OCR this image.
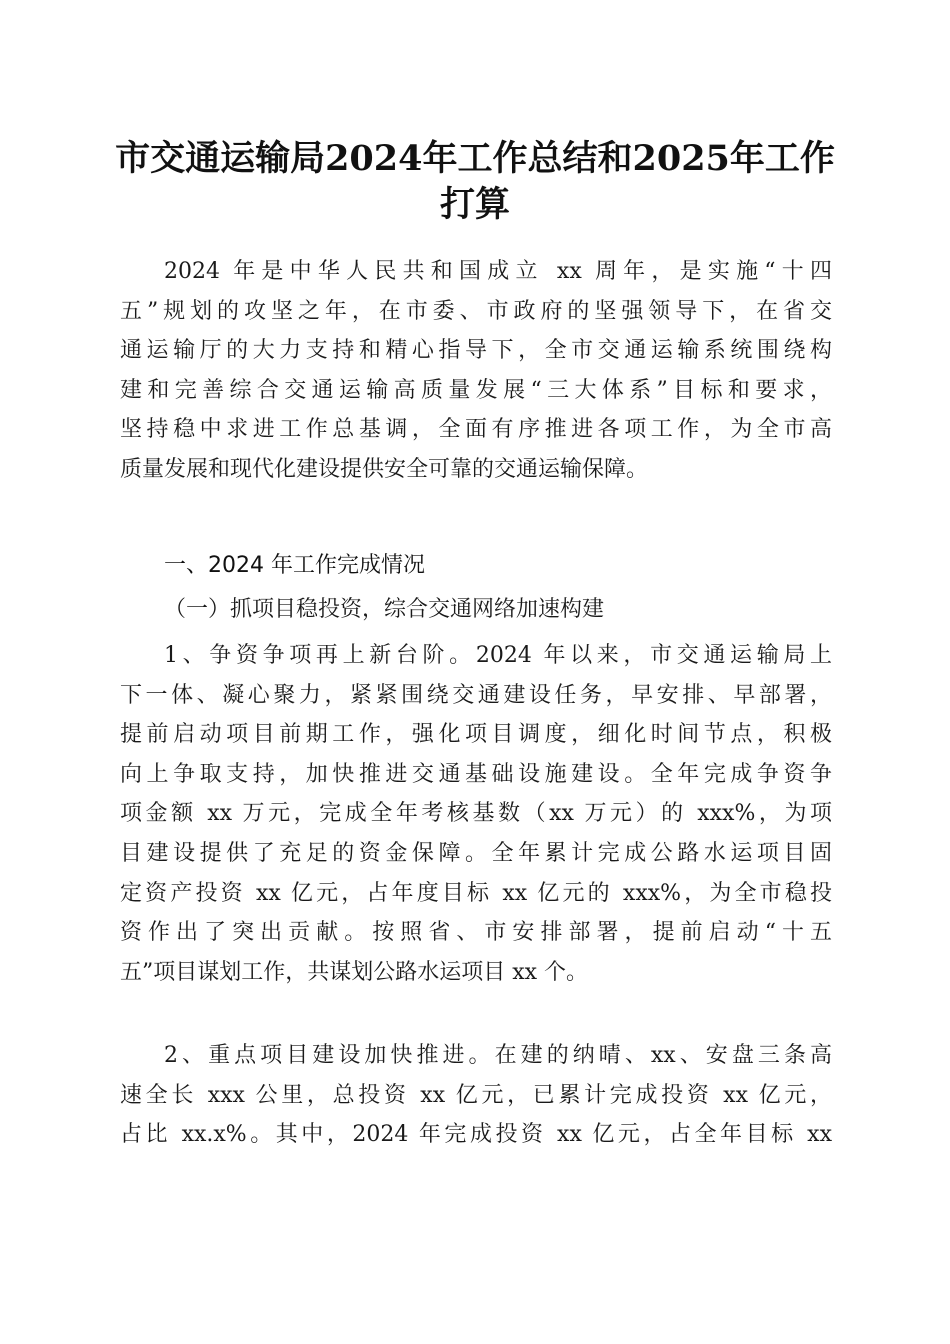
市交通运输局2024年工作总结和2025年工作
打算
2024 年是中华人民共和国成立 xx 周年，是实施“十四
五”规划的攻坚之年，在市委、市政府的坚强领导下，在省交
通运输厅的大力支持和精心指导下，全市交通运输系统围绕构
建和完善综合交通运输高质量发展“三大体系”目标和要求，
坚持稳中求进工作总基调，全面有序推进各项工作，为全市高
质量发展和现代化建设提供安全可靠的交通运输保障。
一、2024 年工作完成情况
（一）抓项目稳投资，综合交通网络加速构建
1、争资争项再上新台阶。2024 年以来，市交通运输局上
下一体、凝心聚力，紧紧围绕交通建设任务，早安排、早部署，
提前启动项目前期工作，强化项目调度，细化时间节点，积极
向上争取支持，加快推进交通基础设施建设。全年完成争资争
项金额 xx 万元，完成全年考核基数（xx 万元）的 xxx%，为项
目建设提供了充足的资金保障。全年累计完成公路水运项目固
定资产投资 xx 亿元，占年度目标 xx 亿元的 xxx%，为全市稳投
资作出了突出贡献。按照省、市安排部署，提前启动“十五
五”项目谋划工作，共谋划公路水运项目 xx 个。
2、重点项目建设加快推进。在建的纳晴、xx、安盘三条高
速全长 xxx 公里，总投资 xx 亿元，已累计完成投资 xx 亿元，
占比 xx.x%。其中，2024 年完成投资 xx 亿元，占全年目标 xx
